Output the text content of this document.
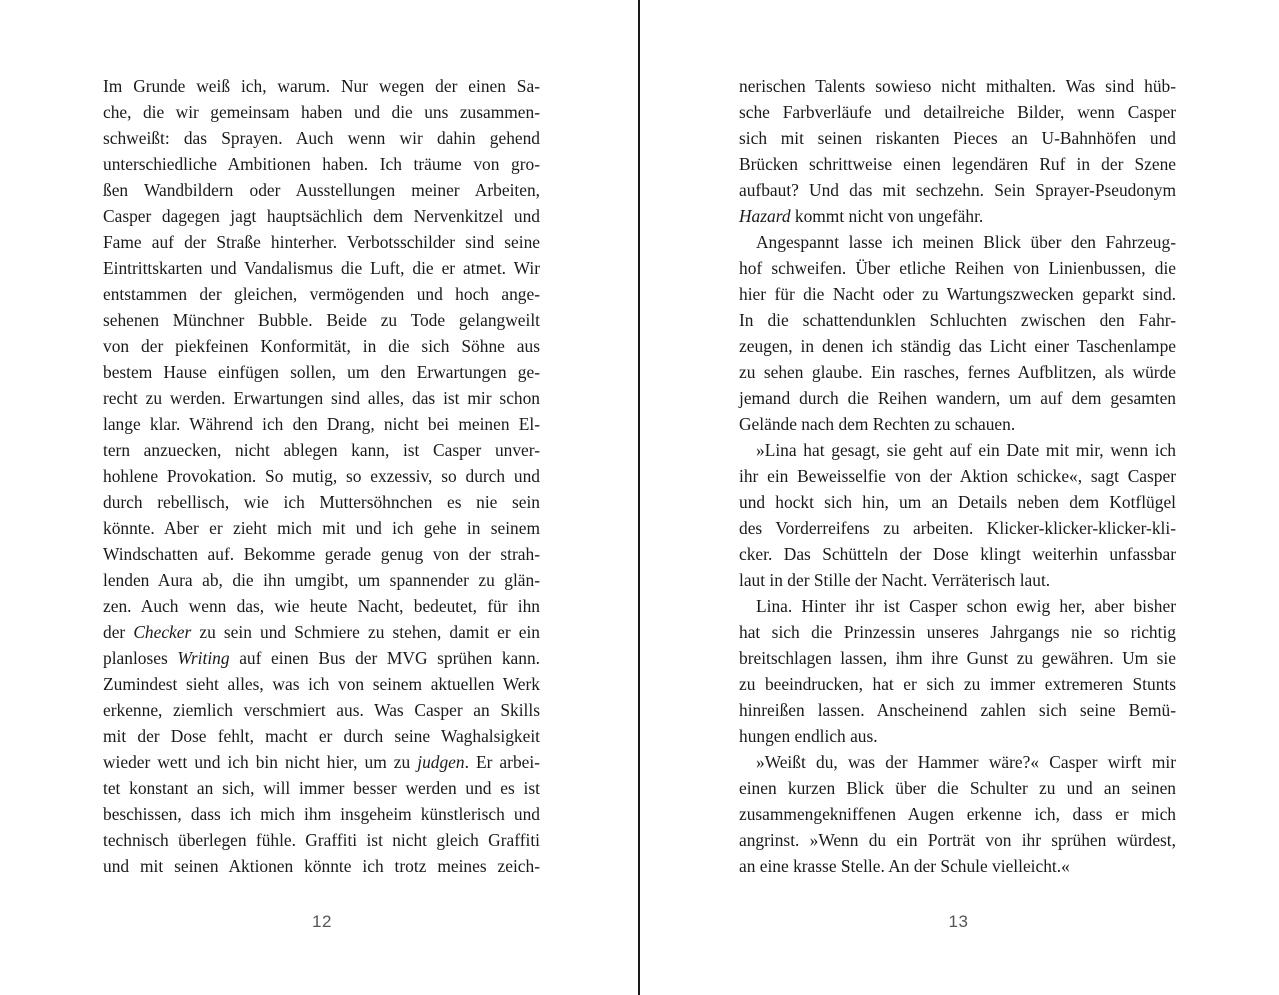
Im Grunde weiß ich, warum. Nur wegen der einen Sa-
che, die wir gemeinsam haben und die uns zusammen-
schweißt: das Sprayen. Auch wenn wir dahin gehend
unterschiedliche Ambitionen haben. Ich träume von gro-
ßen Wandbildern oder Ausstellungen meiner Arbeiten,
Casper dagegen jagt hauptsächlich dem Nervenkitzel und
Fame auf der Straße hinterher. Verbotsschilder sind seine
Eintrittskarten und Vandalismus die Luft, die er atmet. Wir
entstammen der gleichen, vermögenden und hoch ange-
sehenen Münchner Bubble. Beide zu Tode gelangweilt
von der piekfeinen Konformität, in die sich Söhne aus
bestem Hause einfügen sollen, um den Erwartungen ge-
recht zu werden. Erwartungen sind alles, das ist mir schon
lange klar. Während ich den Drang, nicht bei meinen El-
tern anzuecken, nicht ablegen kann, ist Casper unver-
hohlene Provokation. So mutig, so exzessiv, so durch und
durch rebellisch, wie ich Muttersöhnchen es nie sein
könnte. Aber er zieht mich mit und ich gehe in seinem
Windschatten auf. Bekomme gerade genug von der strah-
lenden Aura ab, die ihn umgibt, um spannender zu glän-
zen. Auch wenn das, wie heute Nacht, bedeutet, für ihn
der Checker zu sein und Schmiere zu stehen, damit er ein
planloses Writing auf einen Bus der MVG sprühen kann.
Zumindest sieht alles, was ich von seinem aktuellen Werk
erkenne, ziemlich verschmiert aus. Was Casper an Skills
mit der Dose fehlt, macht er durch seine Waghalsigkeit
wieder wett und ich bin nicht hier, um zu judgen. Er arbei-
tet konstant an sich, will immer besser werden und es ist
beschissen, dass ich mich ihm insgeheim künstlerisch und
technisch überlegen fühle. Graffiti ist nicht gleich Graffiti
und mit seinen Aktionen könnte ich trotz meines zeich-
12
nerischen Talents sowieso nicht mithalten. Was sind hüb-
sche Farbverläufe und detailreiche Bilder, wenn Casper
sich mit seinen riskanten Pieces an U-Bahnhöfen und
Brücken schrittweise einen legendären Ruf in der Szene
aufbaut? Und das mit sechzehn. Sein Sprayer-Pseudonym
Hazard kommt nicht von ungefähr.
Angespannt lasse ich meinen Blick über den Fahrzeug-
hof schweifen. Über etliche Reihen von Linienbussen, die
hier für die Nacht oder zu Wartungszwecken geparkt sind.
In die schattendunklen Schluchten zwischen den Fahr-
zeugen, in denen ich ständig das Licht einer Taschenlampe
zu sehen glaube. Ein rasches, fernes Aufblitzen, als würde
jemand durch die Reihen wandern, um auf dem gesamten
Gelände nach dem Rechten zu schauen.
»Lina hat gesagt, sie geht auf ein Date mit mir, wenn ich
ihr ein Beweisselfie von der Aktion schicke«, sagt Casper
und hockt sich hin, um an Details neben dem Kotflügel
des Vorderreifens zu arbeiten. Klicker-klicker-klicker-kli-
cker. Das Schütteln der Dose klingt weiterhin unfassbar
laut in der Stille der Nacht. Verräterisch laut.
Lina. Hinter ihr ist Casper schon ewig her, aber bisher
hat sich die Prinzessin unseres Jahrgangs nie so richtig
breitschlagen lassen, ihm ihre Gunst zu gewähren. Um sie
zu beeindrucken, hat er sich zu immer extremeren Stunts
hinreißen lassen. Anscheinend zahlen sich seine Bemü-
hungen endlich aus.
»Weißt du, was der Hammer wäre?« Casper wirft mir
einen kurzen Blick über die Schulter zu und an seinen
zusammengekniffenen Augen erkenne ich, dass er mich
angrinst. »Wenn du ein Porträt von ihr sprühen würdest,
an eine krasse Stelle. An der Schule vielleicht.«
13
